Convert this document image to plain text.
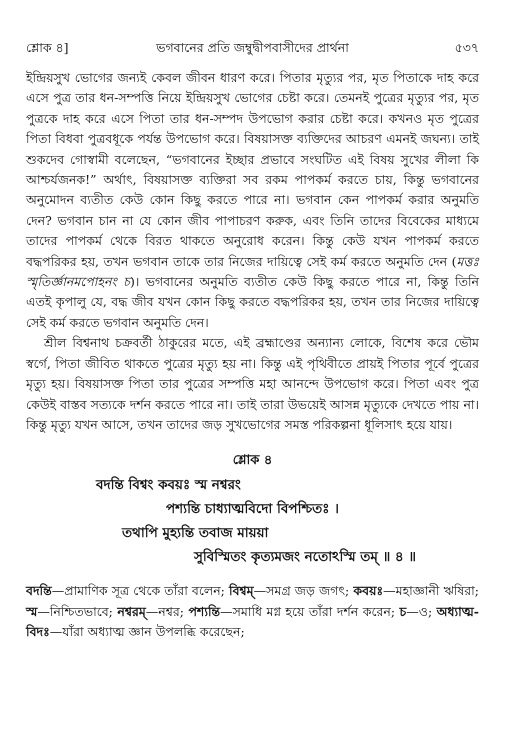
শ্লোক ৪]	ভগবানের প্রতি জম্বুদ্বীপবাসীদের প্রার্থনা	৫৩৭

ইন্দ্রিয়সুখ ভোগের জন্যই কেবল জীবন ধারণ করে। পিতার মৃত্যুর পর, মৃত পিতাকে দাহ করে এসে পুত্র তার ধন-সম্পত্তি নিয়ে ইন্দ্রিয়সুখ ভোগের চেষ্টা করে। তেমনই পুত্রের মৃত্যুর পর, মৃত পুত্রকে দাহ করে এসে পিতা তার ধন-সম্পদ উপভোগ করার চেষ্টা করে। কখনও মৃত পুত্রের পিতা বিধবা পুত্রবধূকে পর্যন্ত উপভোগ করে। বিষয়াসক্ত ব্যক্তিদের আচরণ এমনই জঘন্য। তাই শুকদেব গোস্বামী বলেছেন, “ভগবানের ইচ্ছার প্রভাবে সংঘটিত এই বিষয় সুখের লীলা কি আশ্চর্যজনক!” অর্থাৎ, বিষয়াসক্ত ব্যক্তিরা সব রকম পাপকর্ম করতে চায়, কিন্তু ভগবানের অনুমোদন ব্যতীত কেউ কোন কিছু করতে পারে না। ভগবান কেন পাপকর্ম করার অনুমতি দেন? ভগবান চান না যে কোন জীব পাপাচরণ করুক, এবং তিনি তাদের বিবেকের মাধ্যমে তাদের পাপকর্ম থেকে বিরত থাকতে অনুরোধ করেন। কিন্তু কেউ যখন পাপকর্ম করতে বদ্ধপরিকর হয়, তখন ভগবান তাকে তার নিজের দায়িত্বে সেই কর্ম করতে অনুমতি দেন (মত্তঃ স্মৃতির্জ্ঞানমপোহনং চ)। ভগবানের অনুমতি ব্যতীত কেউ কিছু করতে পারে না, কিন্তু তিনি এতই কৃপালু যে, বদ্ধ জীব যখন কোন কিছু করতে বদ্ধপরিকর হয়, তখন তার নিজের দায়িত্বে সেই কর্ম করতে ভগবান অনুমতি দেন।

শ্রীল বিশ্বনাথ চক্রবর্তী ঠাকুরের মতে, এই ব্রহ্মাণ্ডের অন্যান্য লোকে, বিশেষ করে ভৌম স্বর্গে, পিতা জীবিত থাকতে পুত্রের মৃত্যু হয় না। কিন্তু এই পৃথিবীতে প্রায়ই পিতার পূর্বে পুত্রের মৃত্যু হয়। বিষয়াসক্ত পিতা তার পুত্রের সম্পত্তি মহা আনন্দে উপভোগ করে। পিতা এবং পুত্র কেউই বাস্তব সত্যকে দর্শন করতে পারে না। তাই তারা উভয়েই আসন্ন মৃত্যুকে দেখতে পায় না। কিন্তু মৃত্যু যখন আসে, তখন তাদের জড় সুখভোগের সমস্ত পরিকল্পনা ধূলিসাৎ হয়ে যায়।

শ্লোক ৪
বদন্তি বিশ্বং কবয়ঃ স্ম নশ্বরং
পশ্যন্তি চাধ্যাত্মবিদো বিপশ্চিতঃ ।
তথাপি মুহ্যন্তি তবাজ মায়য়া
সুবিস্মিতং কৃত্যমজং নতোঽস্মি তম্ ॥ ৪ ॥
বদন্তি—প্রামাণিক সূত্র থেকে তাঁরা বলেন; বিশ্বম্—সমগ্র জড় জগৎ; কবয়ঃ—মহাজ্ঞানী ঋষিরা; স্ম—নিশ্চিতভাবে; নশ্বরম্—নশ্বর; পশ্যন্তি—সমাধি মগ্ন হয়ে তাঁরা দর্শন করেন; চ—ও; অধ্যাত্ম-বিদঃ—যাঁরা অধ্যাত্ম জ্ঞান উপলব্ধি করেছেন;
